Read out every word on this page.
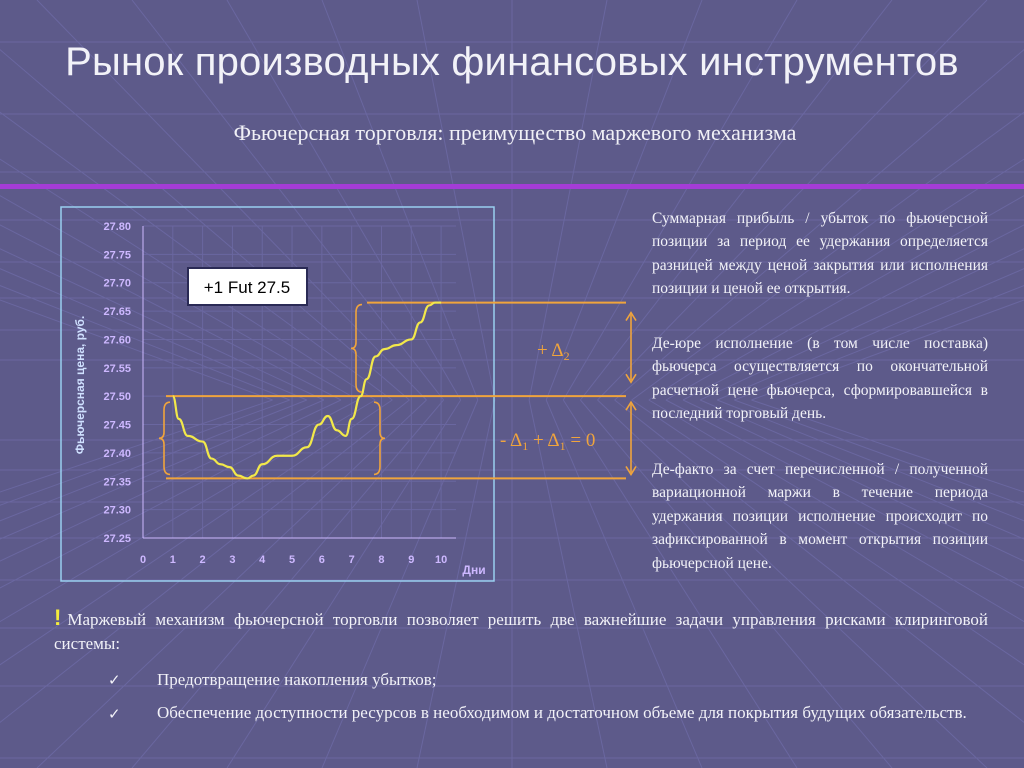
Рынок производных финансовых инструментов
Фьючерсная торговля: преимущество маржевого механизма
27.80
27.75
27.70
27.65
27.60
27.55
27.50
27.45
27.40
27.35
27.30
27.25
0 1 2 3 4 5 6 7 8 9 10
Фьючерсная цена, руб.
Дни
+ $\Delta_2$
- $\Delta_1 + \Delta_1 = 0$
+1 Fut 27.5
Суммарная прибыль / убыток по фьючерсной позиции за период ее удержания определяется разницей между ценой закрытия или исполнения позиции и ценой ее открытия.
Де-юре исполнение (в том числе поставка) фьючерса осуществляется по окончательной расчетной цене фьючерса, сформировавшейся в последний торговый день.
Де-факто за счет перечисленной / полученной вариационной маржи в течение периода удержания позиции исполнение происходит по зафиксированной в момент открытия позиции фьючерсной цене.
! Маржевый механизм фьючерсной торговли позволяет решить две важнейшие задачи управления рисками клиринговой системы:
✓ Предотвращение накопления убытков;
✓ Обеспечение доступности ресурсов в необходимом и достаточном объеме для покрытия будущих обязательств.
